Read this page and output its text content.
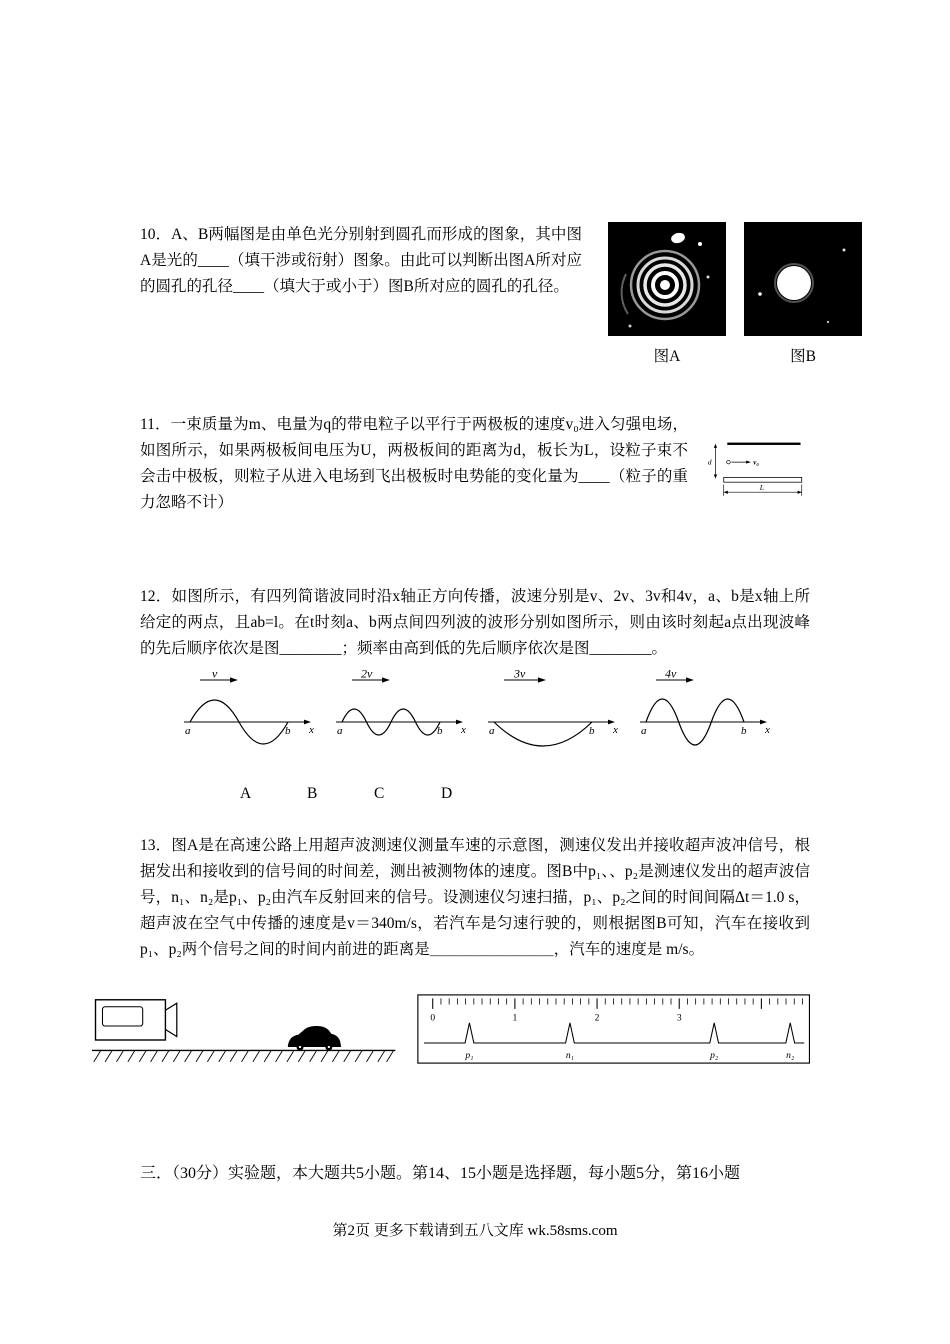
10．A、B两幅图是由单色光分别射到圆孔而形成的图象，其中图A是光的____（填干涉或衍射）图象。由此可以判断出图A所对应的圆孔的孔径____（填大于或小于）图B所对应的圆孔的孔径。
图A	图B
11．一束质量为m、电量为q的带电粒子以平行于两极板的速度v₀进入匀强电场，如图所示，如果两极板间电压为U，两极板间的距离为d，板长为L，设粒子束不会击中极板，则粒子从进入电场到飞出极板时电势能的变化量为____（粒子的重力忽略不计）
d	v₀
L
12．如图所示，有四列简谐波同时沿x轴正方向传播，波速分别是v、2v、3v和4v，a、b是x轴上所给定的两点，且ab=l。在t时刻a、b两点间四列波的波形分别如图所示，则由该时刻起a点出现波峰的先后顺序依次是图________；频率由高到低的先后顺序依次是图________。
v
x
a	b
2v
x
a	b
3v
x
a	b
4v
x
a	b
A	B	C	D
13．图A是在高速公路上用超声波测速仪测量车速的示意图，测速仪发出并接收超声波冲信号，根据发出和接收到的信号间的时间差，测出被测物体的速度。图B中p₁、、p₂是测速仪发出的超声波信号，n₁、n₂是p₁、p₂由汽车反射回来的信号。设测速仪匀速扫描，p₁、p₂之间的时间间隔Δt＝1.0 s，超声波在空气中传播的速度是v＝340m/s，若汽车是匀速行驶的，则根据图B可知，汽车在接收到p₁、p₂两个信号之间的时间内前进的距离是＿＿＿＿＿＿＿＿，汽车的速度是 m/s。
0	1	2	3
p₁	n₁	p₂	n₂
三．（30分）实验题，本大题共5小题。第14、15小题是选择题，每小题5分，第16小题
第2页 更多下载请到五八文库 wk.58sms.com
